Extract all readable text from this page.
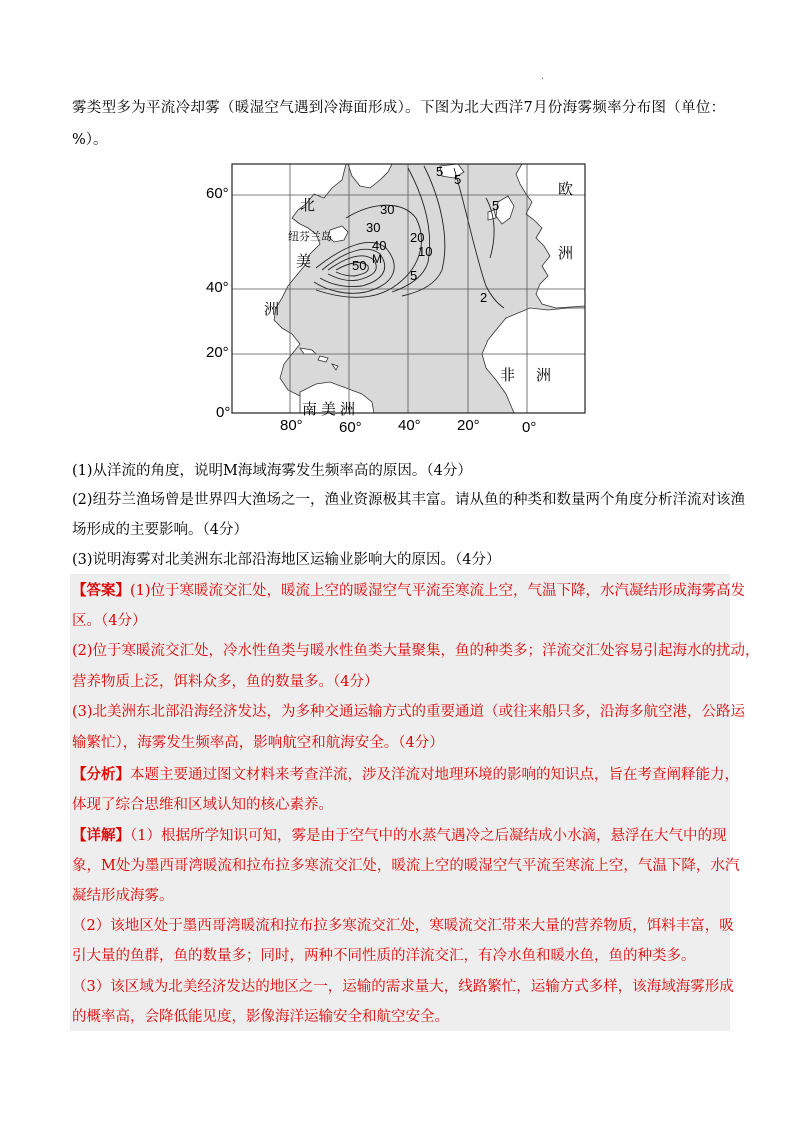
·
雾类型多为平流冷却雾（暖湿空气遇到冷海面形成）。下图为北大西洋7月份海雾频率分布图（单位：
%）。
60°
40°
20°
0°
80° 60° 40° 20°	0°
北
美
洲
欧
洲
非 洲
南美洲
纽芬兰岛
M
5
5
5
30
30
20
10
40
50
5
2
(1)从洋流的角度，说明M海域海雾发生频率高的原因。（4分）
(2)纽芬兰渔场曾是世界四大渔场之一，渔业资源极其丰富。请从鱼的种类和数量两个角度分析洋流对该渔
场形成的主要影响。（4分）
(3)说明海雾对北美洲东北部沿海地区运输业影响大的原因。（4分）
【答案】(1)位于寒暖流交汇处，暖流上空的暖湿空气平流至寒流上空，气温下降，水汽凝结形成海雾高发
区。（4分）
(2)位于寒暖流交汇处，冷水性鱼类与暖水性鱼类大量聚集，鱼的种类多；洋流交汇处容易引起海水的扰动，
营养物质上泛，饵料众多，鱼的数量多。（4分）
(3)北美洲东北部沿海经济发达，为多种交通运输方式的重要通道（或往来船只多，沿海多航空港，公路运
输繁忙），海雾发生频率高，影响航空和航海安全。（4分）
【分析】本题主要通过图文材料来考查洋流，涉及洋流对地理环境的影响的知识点，旨在考查阐释能力，
体现了综合思维和区域认知的核心素养。
【详解】（1）根据所学知识可知，雾是由于空气中的水蒸气遇冷之后凝结成小水滴，悬浮在大气中的现
象，M处为墨西哥湾暖流和拉布拉多寒流交汇处，暖流上空的暖湿空气平流至寒流上空，气温下降，水汽
凝结形成海雾。
（2）该地区处于墨西哥湾暖流和拉布拉多寒流交汇处，寒暖流交汇带来大量的营养物质，饵料丰富，吸
引大量的鱼群，鱼的数量多；同时，两种不同性质的洋流交汇，有冷水鱼和暖水鱼，鱼的种类多。
（3）该区域为北美经济发达的地区之一，运输的需求量大，线路繁忙，运输方式多样，该海域海雾形成
的概率高，会降低能见度，影像海洋运输安全和航空安全。
